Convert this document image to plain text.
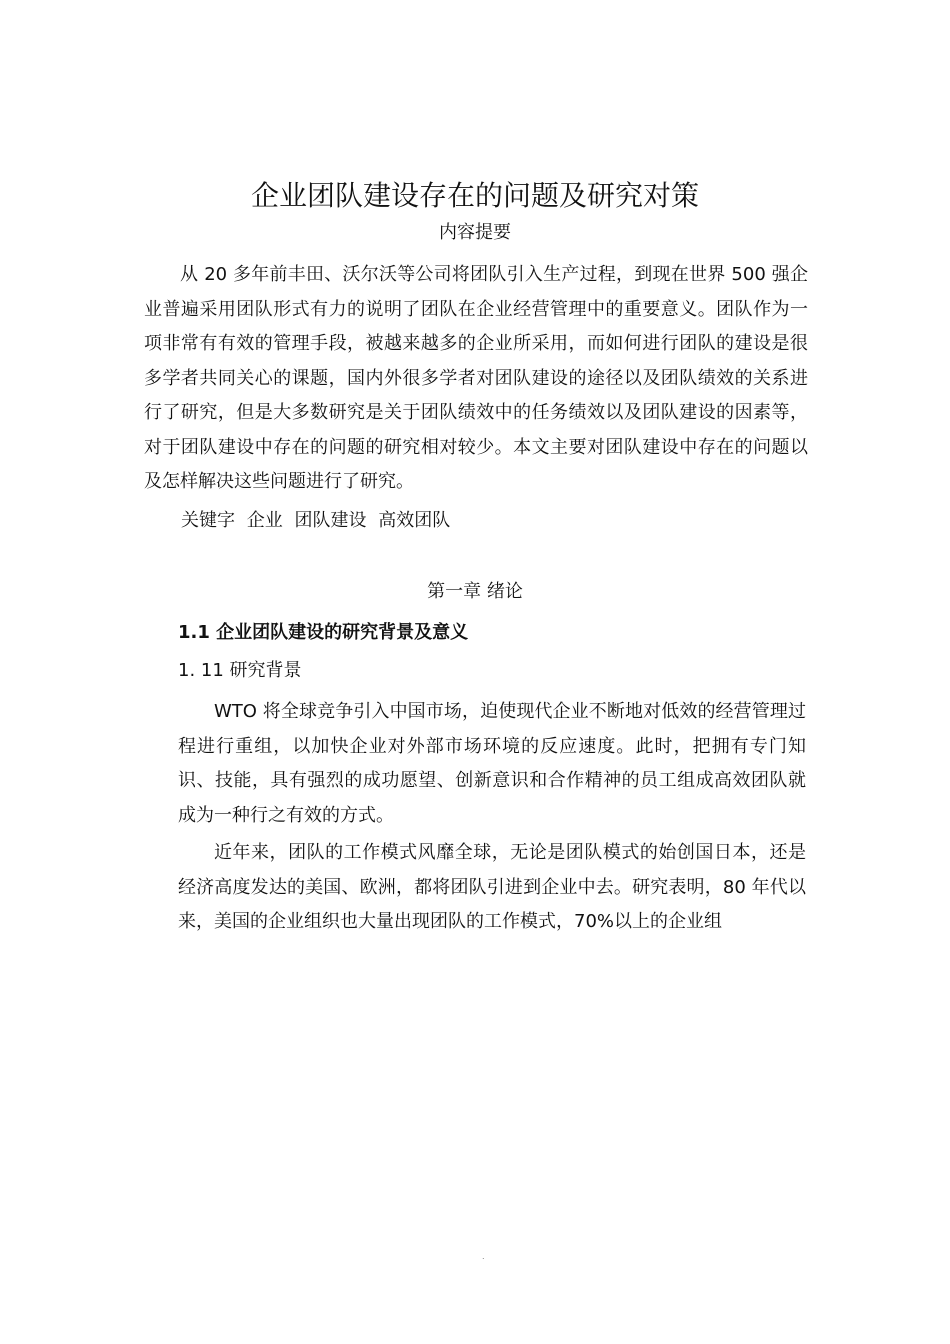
企业团队建设存在的问题及研究对策
内容提要

从 20 多年前丰田、沃尔沃等公司将团队引入生产过程，到现在世界 500 强企业普遍采用团队形式有力的说明了团队在企业经营管理中的重要意义。团队作为一项非常有有效的管理手段，被越来越多的企业所采用，而如何进行团队的建设是很多学者共同关心的课题，国内外很多学者对团队建设的途径以及团队绩效的关系进行了研究，但是大多数研究是关于团队绩效中的任务绩效以及团队建设的因素等，对于团队建设中存在的问题的研究相对较少。本文主要对团队建设中存在的问题以及怎样解决这些问题进行了研究。

关键字 企业 团队建设 高效团队
第一章 绪论
1.1 企业团队建设的研究背景及意义
1. 11 研究背景

WTO 将全球竞争引入中国市场，迫使现代企业不断地对低效的经营管理过程进行重组，以加快企业对外部市场环境的反应速度。此时，把拥有专门知识、技能，具有强烈的成功愿望、创新意识和合作精神的员工组成高效团队就成为一种行之有效的方式。

近年来，团队的工作模式风靡全球，无论是团队模式的始创国日本，还是经济高度发达的美国、欧洲，都将团队引进到企业中去。研究表明，80 年代以来，美国的企业组织也大量出现团队的工作模式，70%以上的企业组

.
